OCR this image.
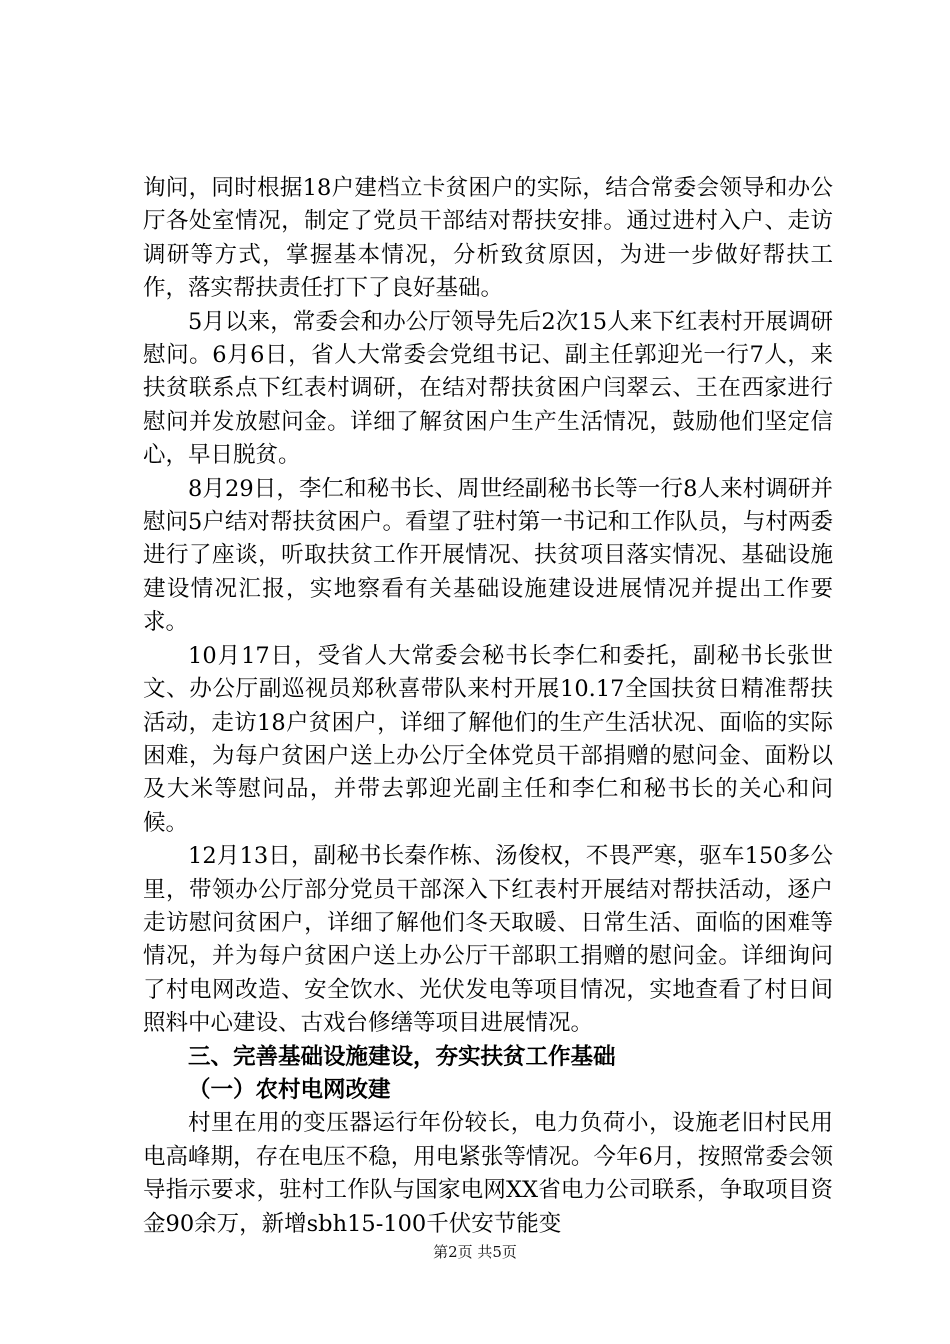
询问，同时根据18户建档立卡贫困户的实际，结合常委会领导和办公厅各处室情况，制定了党员干部结对帮扶安排。通过进村入户、走访调研等方式，掌握基本情况，分析致贫原因，为进一步做好帮扶工作，落实帮扶责任打下了良好基础。

5月以来，常委会和办公厅领导先后2次15人来下红表村开展调研慰问。6月6日，省人大常委会党组书记、副主任郭迎光一行7人，来扶贫联系点下红表村调研，在结对帮扶贫困户闫翠云、王在西家进行慰问并发放慰问金。详细了解贫困户生产生活情况，鼓励他们坚定信心，早日脱贫。

8月29日，李仁和秘书长、周世经副秘书长等一行8人来村调研并慰问5户结对帮扶贫困户。看望了驻村第一书记和工作队员，与村两委进行了座谈，听取扶贫工作开展情况、扶贫项目落实情况、基础设施建设情况汇报，实地察看有关基础设施建设进展情况并提出工作要求。

10月17日，受省人大常委会秘书长李仁和委托，副秘书长张世文、办公厅副巡视员郑秋喜带队来村开展10.17全国扶贫日精准帮扶活动，走访18户贫困户，详细了解他们的生产生活状况、面临的实际困难，为每户贫困户送上办公厅全体党员干部捐赠的慰问金、面粉以及大米等慰问品，并带去郭迎光副主任和李仁和秘书长的关心和问候。

12月13日，副秘书长秦作栋、汤俊权，不畏严寒，驱车150多公里，带领办公厅部分党员干部深入下红表村开展结对帮扶活动，逐户走访慰问贫困户，详细了解他们冬天取暖、日常生活、面临的困难等情况，并为每户贫困户送上办公厅干部职工捐赠的慰问金。详细询问了村电网改造、安全饮水、光伏发电等项目情况，实地查看了村日间照料中心建设、古戏台修缮等项目进展情况。

三、完善基础设施建设，夯实扶贫工作基础

（一）农村电网改建

村里在用的变压器运行年份较长，电力负荷小，设施老旧村民用电高峰期，存在电压不稳，用电紧张等情况。今年6月，按照常委会领导指示要求，驻村工作队与国家电网XX省电力公司联系，争取项目资金90余万，新增sbh15-100千伏安节能变

第2页 共5页
